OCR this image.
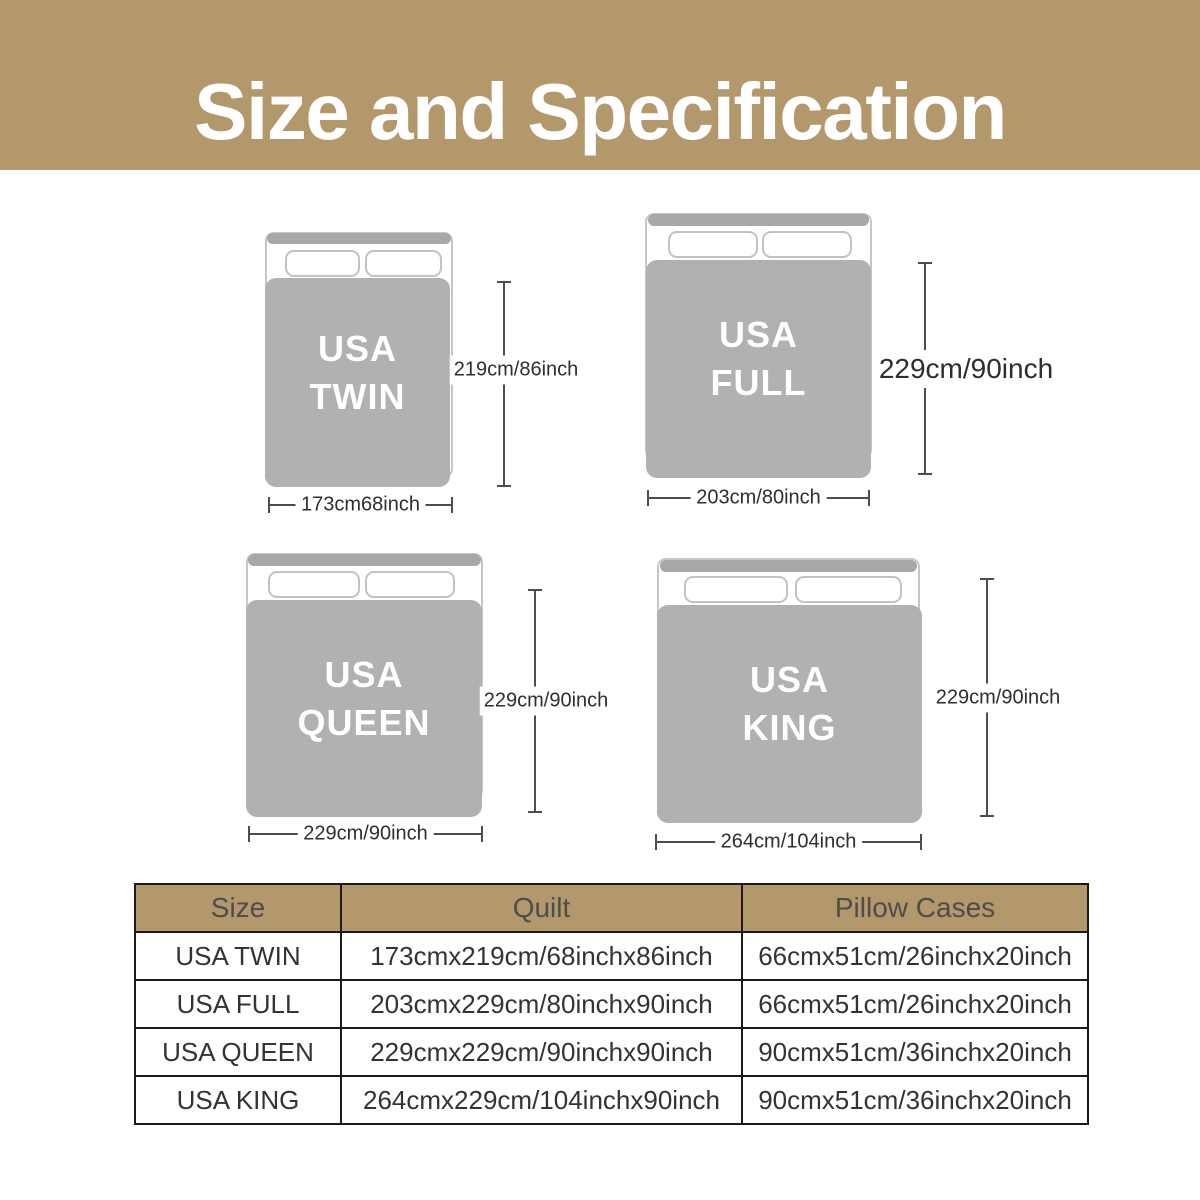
Size and Specification
USA
TWIN
219cm/86inch
173cm68inch
USA
FULL	229cm/90inch
203cm/80inch
USA
QUEEN
229cm/90inch
229cm/90inch
USA
KING
229cm/90inch
264cm/104inch
Size	Quilt	Pillow Cases
USA TWIN	173cmx219cm/68inchx86inch	66cmx51cm/26inchx20inch
USA FULL	203cmx229cm/80inchx90inch	66cmx51cm/26inchx20inch
USA QUEEN	229cmx229cm/90inchx90inch	90cmx51cm/36inchx20inch
USA KING	264cmx229cm/104inchx90inch	90cmx51cm/36inchx20inch
